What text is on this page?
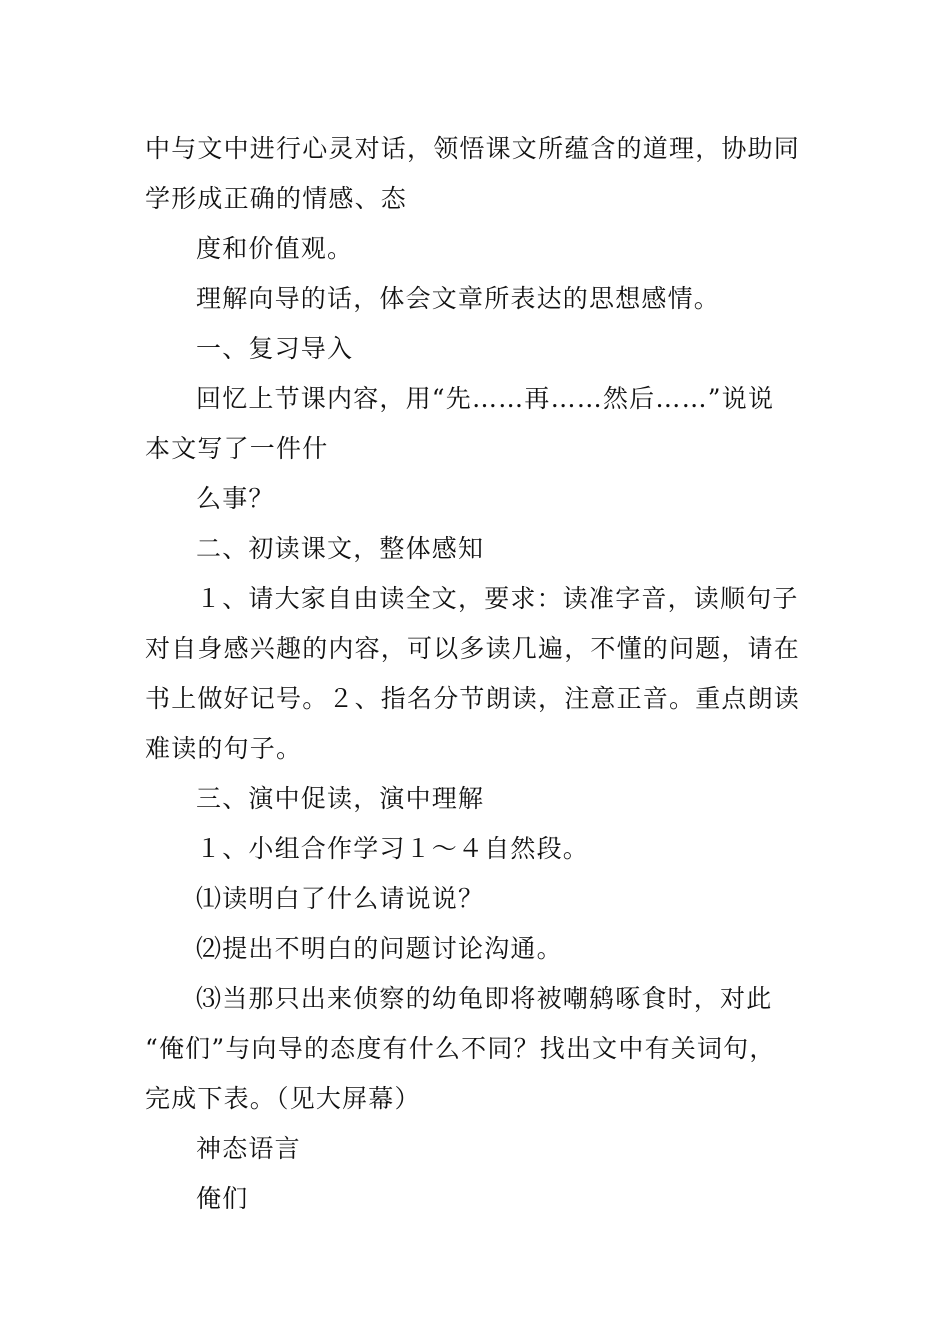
中与文中进行心灵对话，领悟课文所蕴含的道理，协助同
学形成正确的情感、态
度和价值观。
理解向导的话，体会文章所表达的思想感情。
一、复习导入
回忆上节课内容，用“先……再……然后……”说说
本文写了一件什
么事？
二、初读课文，整体感知
１、请大家自由读全文，要求：读准字音，读顺句子
对自身感兴趣的内容，可以多读几遍，不懂的问题，请在
书上做好记号。２、指名分节朗读，注意正音。重点朗读
难读的句子。
三、演中促读，演中理解
１、小组合作学习１～４自然段。
⑴读明白了什么请说说？
⑵提出不明白的问题讨论沟通。
⑶当那只出来侦察的幼龟即将被嘲鸫啄食时，对此
“俺们”与向导的态度有什么不同？找出文中有关词句，
完成下表。（见大屏幕）
神态语言
俺们
